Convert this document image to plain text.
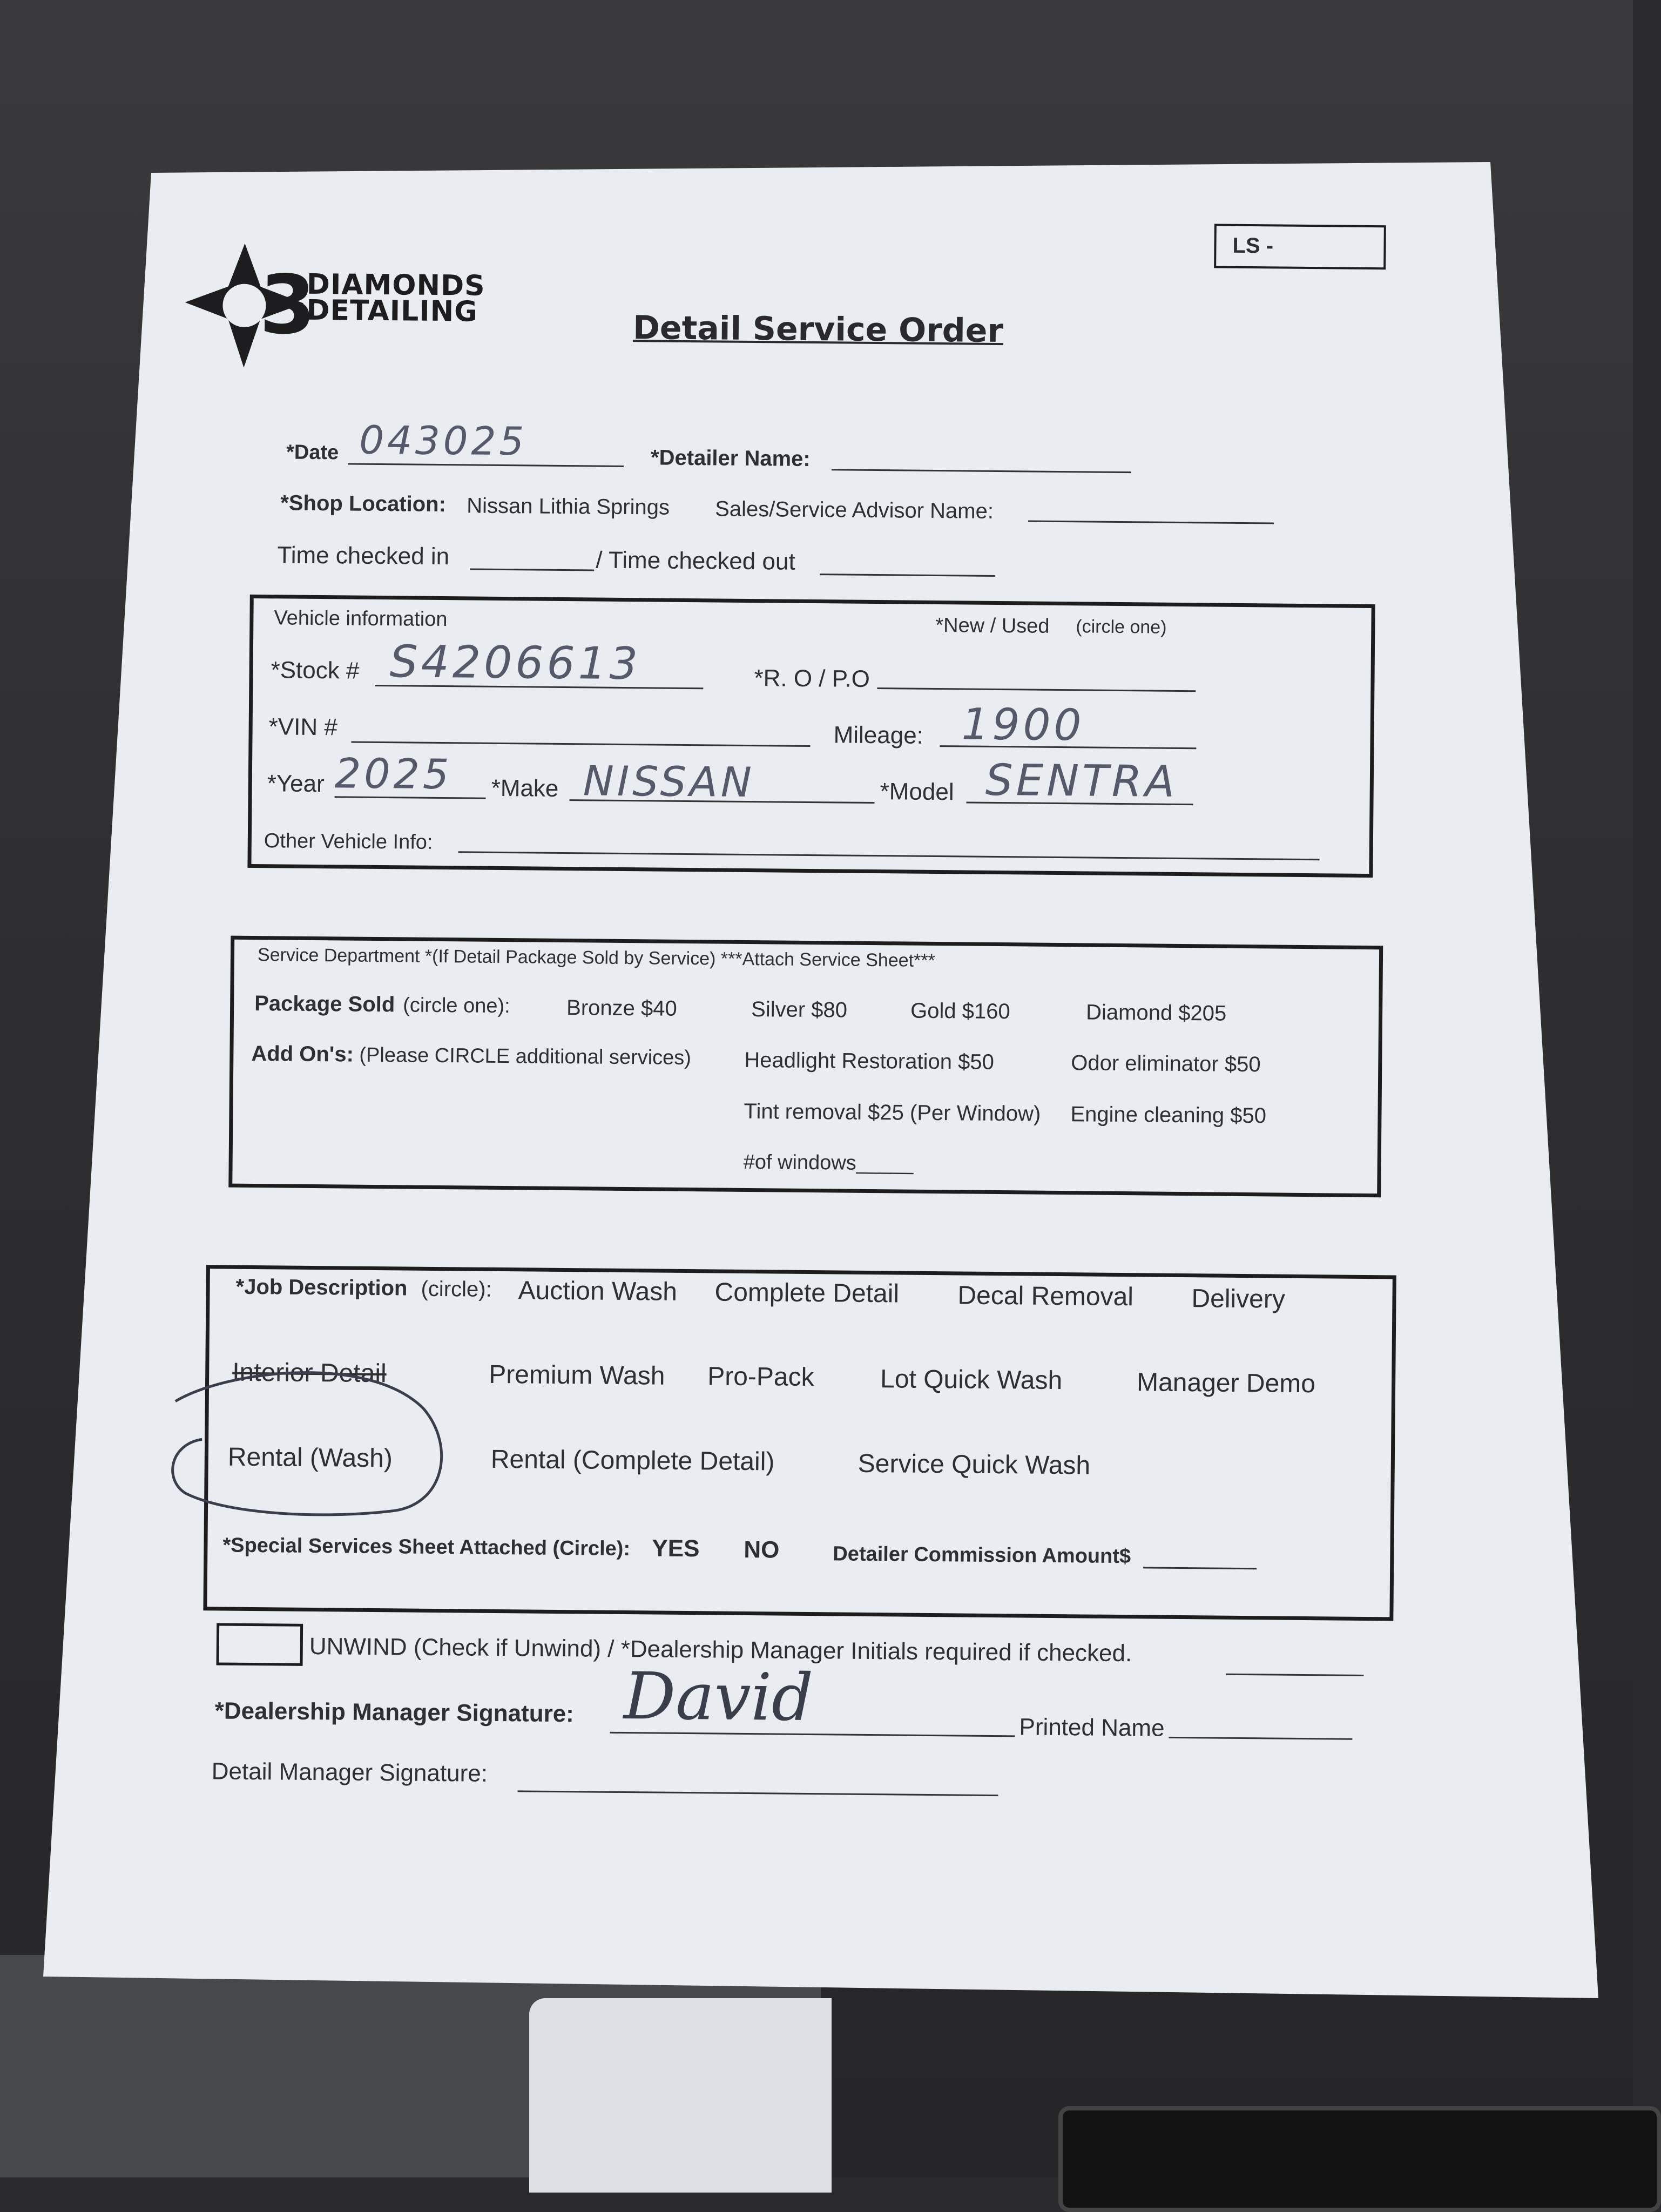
3
DIAMONDS
DETAILING
LS -
Detail Service Order
*Date 043025	*Detailer Name:
*Shop Location: Nissan Lithia Springs Sales/Service Advisor Name:
Time checked in	/ Time checked out
Vehicle information	*New / Used (circle one)
*Stock # S4206613	*R. O / P.O
*VIN #	Mileage: 1900
*Year 2025 *Make NISSAN	*Model SENTRA
Other Vehicle Info:
Service Department *(If Detail Package Sold by Service) ***Attach Service Sheet***
Package Sold (circle one):	Bronze $40	Silver $80	Gold $160	Diamond $205
Add On's: (Please CIRCLE additional services) Headlight Restoration $50	Odor eliminator $50
Tint removal $25 (Per Window) Engine cleaning $50
#of windows_____
*Job Description (circle): Auction Wash Complete Detail Decal Removal Delivery
Interior Detail	Premium Wash Pro-Pack	Lot Quick Wash	Manager Demo
Rental (Wash)	Rental (Complete Detail)	Service Quick Wash
*Special Services Sheet Attached (Circle): YES NO	Detailer Commission Amount$
UNWIND (Check if Unwind) / *Dealership Manager Initials required if checked.
*Dealership Manager Signature: David	Printed Name
Detail Manager Signature:
